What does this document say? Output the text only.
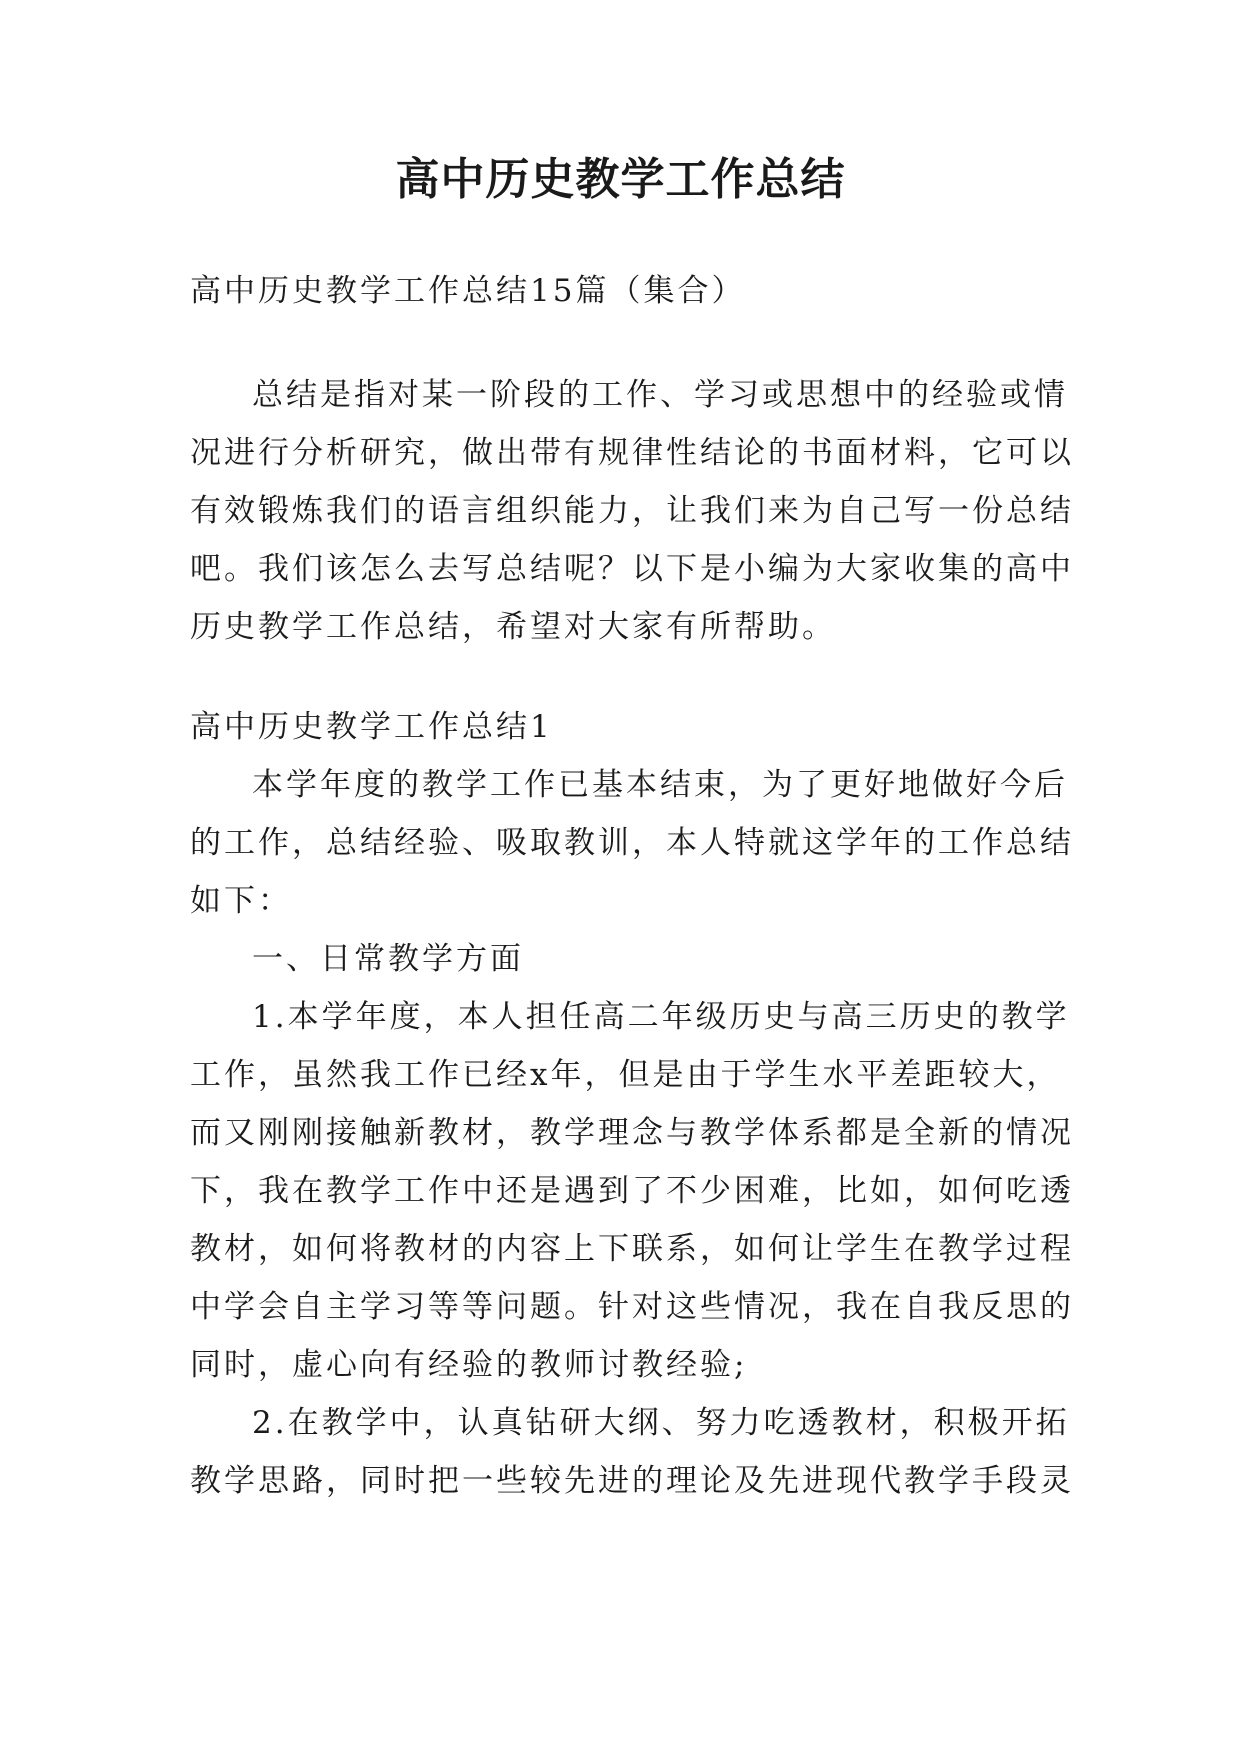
高中历史教学工作总结
高中历史教学工作总结15篇（集合）
总结是指对某一阶段的工作、学习或思想中的经验或情
况进行分析研究，做出带有规律性结论的书面材料，它可以
有效锻炼我们的语言组织能力，让我们来为自己写一份总结
吧。我们该怎么去写总结呢？以下是小编为大家收集的高中
历史教学工作总结，希望对大家有所帮助。
高中历史教学工作总结1
本学年度的教学工作已基本结束，为了更好地做好今后
的工作，总结经验、吸取教训，本人特就这学年的工作总结
如下：
一、日常教学方面
1.本学年度，本人担任高二年级历史与高三历史的教学
工作，虽然我工作已经x年，但是由于学生水平差距较大，
而又刚刚接触新教材，教学理念与教学体系都是全新的情况
下，我在教学工作中还是遇到了不少困难，比如，如何吃透
教材，如何将教材的内容上下联系，如何让学生在教学过程
中学会自主学习等等问题。针对这些情况，我在自我反思的
同时，虚心向有经验的教师讨教经验;
2.在教学中，认真钻研大纲、努力吃透教材，积极开拓
教学思路，同时把一些较先进的理论及先进现代教学手段灵
